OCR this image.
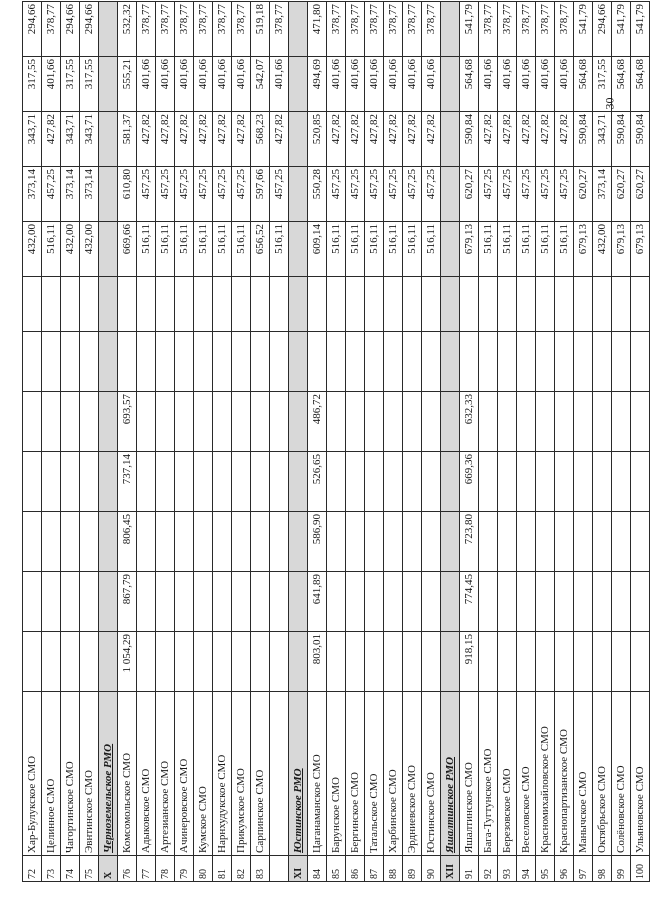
72	Хар-Булукское СМО								432,00	373,14	343,71	317,55	294,66
73	Целинное СМО								516,11	457,25	427,82	401,66	378,77
74	Чагортинское СМО								432,00	373,14	343,71	317,55	294,66
75	Эвнтинское СМО								432,00	373,14	343,71	317,55	294,66
X	Черноземельское РМО												
76	Комсомольское СМО	1 054,29	867,79	806,45	737,14	693,57			669,66	610,80	581,37	555,21	532,32
77	Адыковское СМО								516,11	457,25	427,82	401,66	378,77
78	Артезианское СМО								516,11	457,25	427,82	401,66	378,77
79	Ачинеровское СМО								516,11	457,25	427,82	401,66	378,77
80	Кумское СМО								516,11	457,25	427,82	401,66	378,77
81	Нарнхудукское СМО								516,11	457,25	427,82	401,66	378,77
82	Прикумское СМО								516,11	457,25	427,82	401,66	378,77
83	Сарпинское СМО								656,52	597,66	568,23	542,07	519,18
									516,11	457,25	427,82	401,66	378,77
XI	Юстинское РМО												
84	Цаганаманское СМО	803,01	641,89	586,90	526,65	486,72			609,14	550,28	520,85	494,69	471,80
85	Барунское СМО								516,11	457,25	427,82	401,66	378,77
86	Бергинское СМО								516,11	457,25	427,82	401,66	378,77
87	Татальское СМО								516,11	457,25	427,82	401,66	378,77
88	Харбинское СМО								516,11	457,25	427,82	401,66	378,77
89	Эрдниевское СМО								516,11	457,25	427,82	401,66	378,77
90	Юстинское СМО								516,11	457,25	427,82	401,66	378,77
XII	Яшалтинское РМО												
91	Яшалтинское СМО	918,15	774,45	723,80	669,36	632,33			679,13	620,27	590,84	564,68	541,79
92	Бага-Тугтунское СМО								516,11	457,25	427,82	401,66	378,77
93	Березовское СМО								516,11	457,25	427,82	401,66	378,77
94	Веселовское СМО								516,11	457,25	427,82	401,66	378,77
95	Красномихайловское СМО								516,11	457,25	427,82	401,66	378,77
96	Краснопартизанское СМО								516,11	457,25	427,82	401,66	378,77
97	Манычское СМО								679,13	620,27	590,84	564,68	541,79
98	Октябрьское СМО								432,00	373,14	343,71	317,55	294,66
99	Солёновское СМО								679,13	620,27	590,84	564,68	541,79
100	Ульяновское СМО								679,13	620,27	590,84	564,68	541,79
30
